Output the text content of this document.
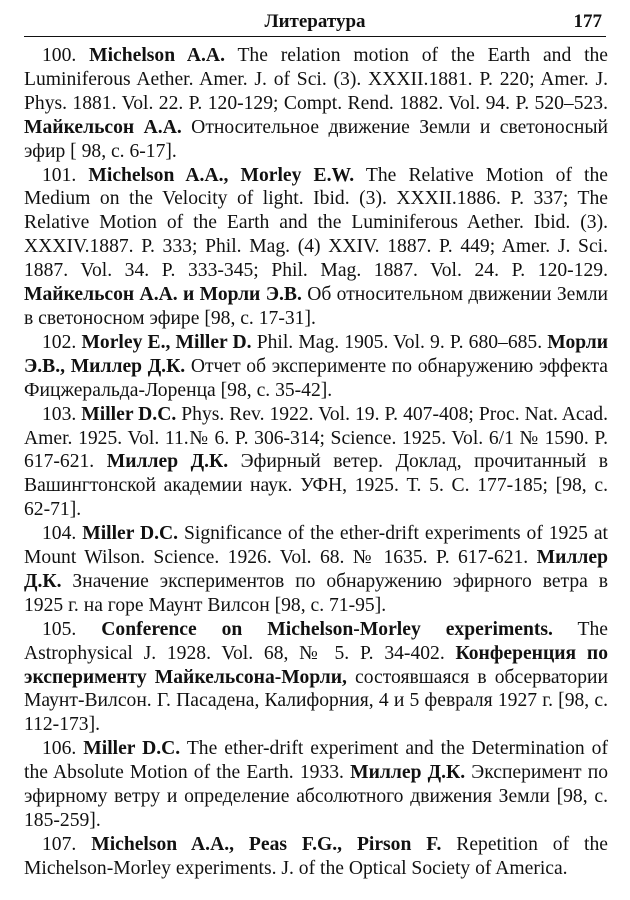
Литература	177

100. Michelson A.A. The relation motion of the Earth and the Luminiferous Aether. Amer. J. of Sci. (3). XXXII.1881. P. 220; Amer. J. Phys. 1881. Vol. 22. P. 120-129; Compt. Rend. 1882. Vol. 94. P. 520–523. Майкельсон А.А. Относительное движение Земли и светоносный эфир [ 98, с. 6-17].

101. Michelson A.A., Morley E.W. The Relative Motion of the Medium on the Velocity of light. Ibid. (3). XXXII.1886. P. 337; The Relative Motion of the Earth and the Luminiferous Aether. Ibid. (3). XXXIV.1887. P. 333; Phil. Mag. (4) XXIV. 1887. P. 449; Amer. J. Sci. 1887. Vol. 34. P. 333-345; Phil. Mag. 1887. Vol. 24. P. 120-129. Майкельсон А.А. и Морли Э.В. Об относительном движении Земли в светоносном эфире [98, с. 17-31].

102. Morley E., Miller D. Phil. Mag. 1905. Vol. 9. P. 680–685. Морли Э.В., Миллер Д.К. Отчет об эксперименте по обнаружению эффекта Фицжеральда-Лоренца [98, с. 35-42].

103. Miller D.C. Phys. Rev. 1922. Vol. 19. P. 407-408; Proc. Nat. Acad. Amer. 1925. Vol. 11.№ 6. P. 306-314; Science. 1925. Vol. 6/1 № 1590. P. 617-621. Миллер Д.К. Эфирный ветер. Доклад, прочитанный в Вашингтонской академии наук. УФН, 1925. Т. 5. С. 177-185; [98, с. 62-71].

104. Miller D.C. Significance of the ether-drift experiments of 1925 at Mount Wilson. Science. 1926. Vol. 68. № 1635. P. 617-621. Миллер Д.К. Значение экспериментов по обнаружению эфирного ветра в 1925 г. на горе Маунт Вилсон [98, с. 71-95].

105. Conference on Michelson-Morley experiments. The Astrophysical J. 1928. Vol. 68, № 5. P. 34-402. Конференция по эксперименту Майкельсона-Морли, состоявшаяся в обсерватории Маунт-Вилсон. Г. Пасадена, Калифорния, 4 и 5 февраля 1927 г. [98, с. 112-173].

106. Miller D.C. The ether-drift experiment and the Determination of the Absolute Motion of the Earth. 1933. Миллер Д.К. Эксперимент по эфирному ветру и определение абсолютного движения Земли [98, с. 185-259].

107. Michelson A.A., Peas F.G., Pirson F. Repetition of the Michelson-Morley experiments. J. of the Optical Society of America.
